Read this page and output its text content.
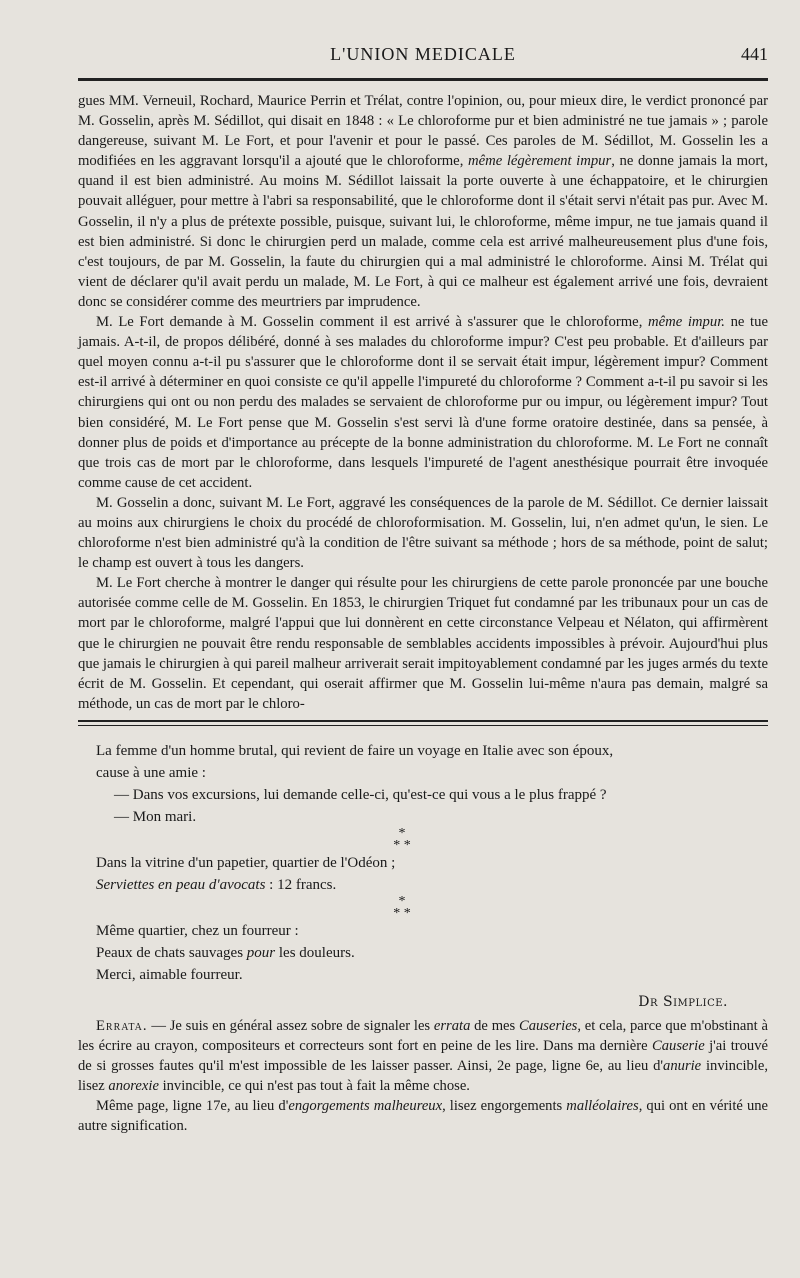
L'UNION MEDICALE	441

gues MM. Verneuil, Rochard, Maurice Perrin et Trélat, contre l'opinion, ou, pour mieux dire, le verdict prononcé par M. Gosselin, après M. Sédillot, qui disait en 1848 : « Le chloroforme pur et bien administré ne tue jamais » ; parole dangereuse, suivant M. Le Fort, et pour l'avenir et pour le passé. Ces paroles de M. Sédillot, M. Gosselin les a modifiées en les aggravant lorsqu'il a ajouté que le chloroforme, même légèrement impur, ne donne jamais la mort, quand il est bien administré. Au moins M. Sédillot laissait la porte ouverte à une échappatoire, et le chirurgien pouvait alléguer, pour mettre à l'abri sa responsabilité, que le chloroforme dont il s'était servi n'était pas pur. Avec M. Gosselin, il n'y a plus de prétexte possible, puisque, suivant lui, le chloroforme, même impur, ne tue jamais quand il est bien administré. Si donc le chirurgien perd un malade, comme cela est arrivé malheureusement plus d'une fois, c'est toujours, de par M. Gosselin, la faute du chirurgien qui a mal administré le chloroforme. Ainsi M. Trélat qui vient de déclarer qu'il avait perdu un malade, M. Le Fort, à qui ce malheur est également arrivé une fois, devraient donc se considérer comme des meurtriers par imprudence.

M. Le Fort demande à M. Gosselin comment il est arrivé à s'assurer que le chloroforme, même impur. ne tue jamais. A-t-il, de propos délibéré, donné à ses malades du chloroforme impur? C'est peu probable. Et d'ailleurs par quel moyen connu a-t-il pu s'assurer que le chloroforme dont il se servait était impur, légèrement impur? Comment est-il arrivé à déterminer en quoi consiste ce qu'il appelle l'impureté du chloroforme ? Comment a-t-il pu savoir si les chirurgiens qui ont ou non perdu des malades se servaient de chloroforme pur ou impur, ou légèrement impur? Tout bien considéré, M. Le Fort pense que M. Gosselin s'est servi là d'une forme oratoire destinée, dans sa pensée, à donner plus de poids et d'importance au précepte de la bonne administration du chloroforme. M. Le Fort ne connaît que trois cas de mort par le chloroforme, dans lesquels l'impureté de l'agent anesthésique pourrait être invoquée comme cause de cet accident.

M. Gosselin a donc, suivant M. Le Fort, aggravé les conséquences de la parole de M. Sédillot. Ce dernier laissait au moins aux chirurgiens le choix du procédé de chloroformisation. M. Gosselin, lui, n'en admet qu'un, le sien. Le chloroforme n'est bien administré qu'à la condition de l'être suivant sa méthode ; hors de sa méthode, point de salut; le champ est ouvert à tous les dangers.

M. Le Fort cherche à montrer le danger qui résulte pour les chirurgiens de cette parole prononcée par une bouche autorisée comme celle de M. Gosselin. En 1853, le chirurgien Triquet fut condamné par les tribunaux pour un cas de mort par le chloroforme, malgré l'appui que lui donnèrent en cette circonstance Velpeau et Nélaton, qui affirmèrent que le chirurgien ne pouvait être rendu responsable de semblables accidents impossibles à prévoir. Aujourd'hui plus que jamais le chirurgien à qui pareil malheur arriverait serait impitoyablement condamné par les juges armés du texte écrit de M. Gosselin. Et cependant, qui oserait affirmer que M. Gosselin lui-même n'aura pas demain, malgré sa méthode, un cas de mort par le chloro-

La femme d'un homme brutal, qui revient de faire un voyage en Italie avec son époux,
cause à une amie :
— Dans vos excursions, lui demande celle-ci, qu'est-ce qui vous a le plus frappé ?
— Mon mari.
*
* *
Dans la vitrine d'un papetier, quartier de l'Odéon ;
Serviettes en peau d'avocats : 12 francs.
*
* *
Même quartier, chez un fourreur :
Peaux de chats sauvages pour les douleurs.
Merci, aimable fourreur.
Dr Simplice.

Errata. — Je suis en général assez sobre de signaler les errata de mes Causeries, et cela, parce que m'obstinant à les écrire au crayon, compositeurs et correcteurs sont fort en peine de les lire. Dans ma dernière Causerie j'ai trouvé de si grosses fautes qu'il m'est impossible de les laisser passer. Ainsi, 2e page, ligne 6e, au lieu d'anurie invincible, lisez anorexie invincible, ce qui n'est pas tout à fait la même chose.

Même page, ligne 17e, au lieu d'engorgements malheureux, lisez engorgements malléolaires, qui ont en vérité une autre signification.
